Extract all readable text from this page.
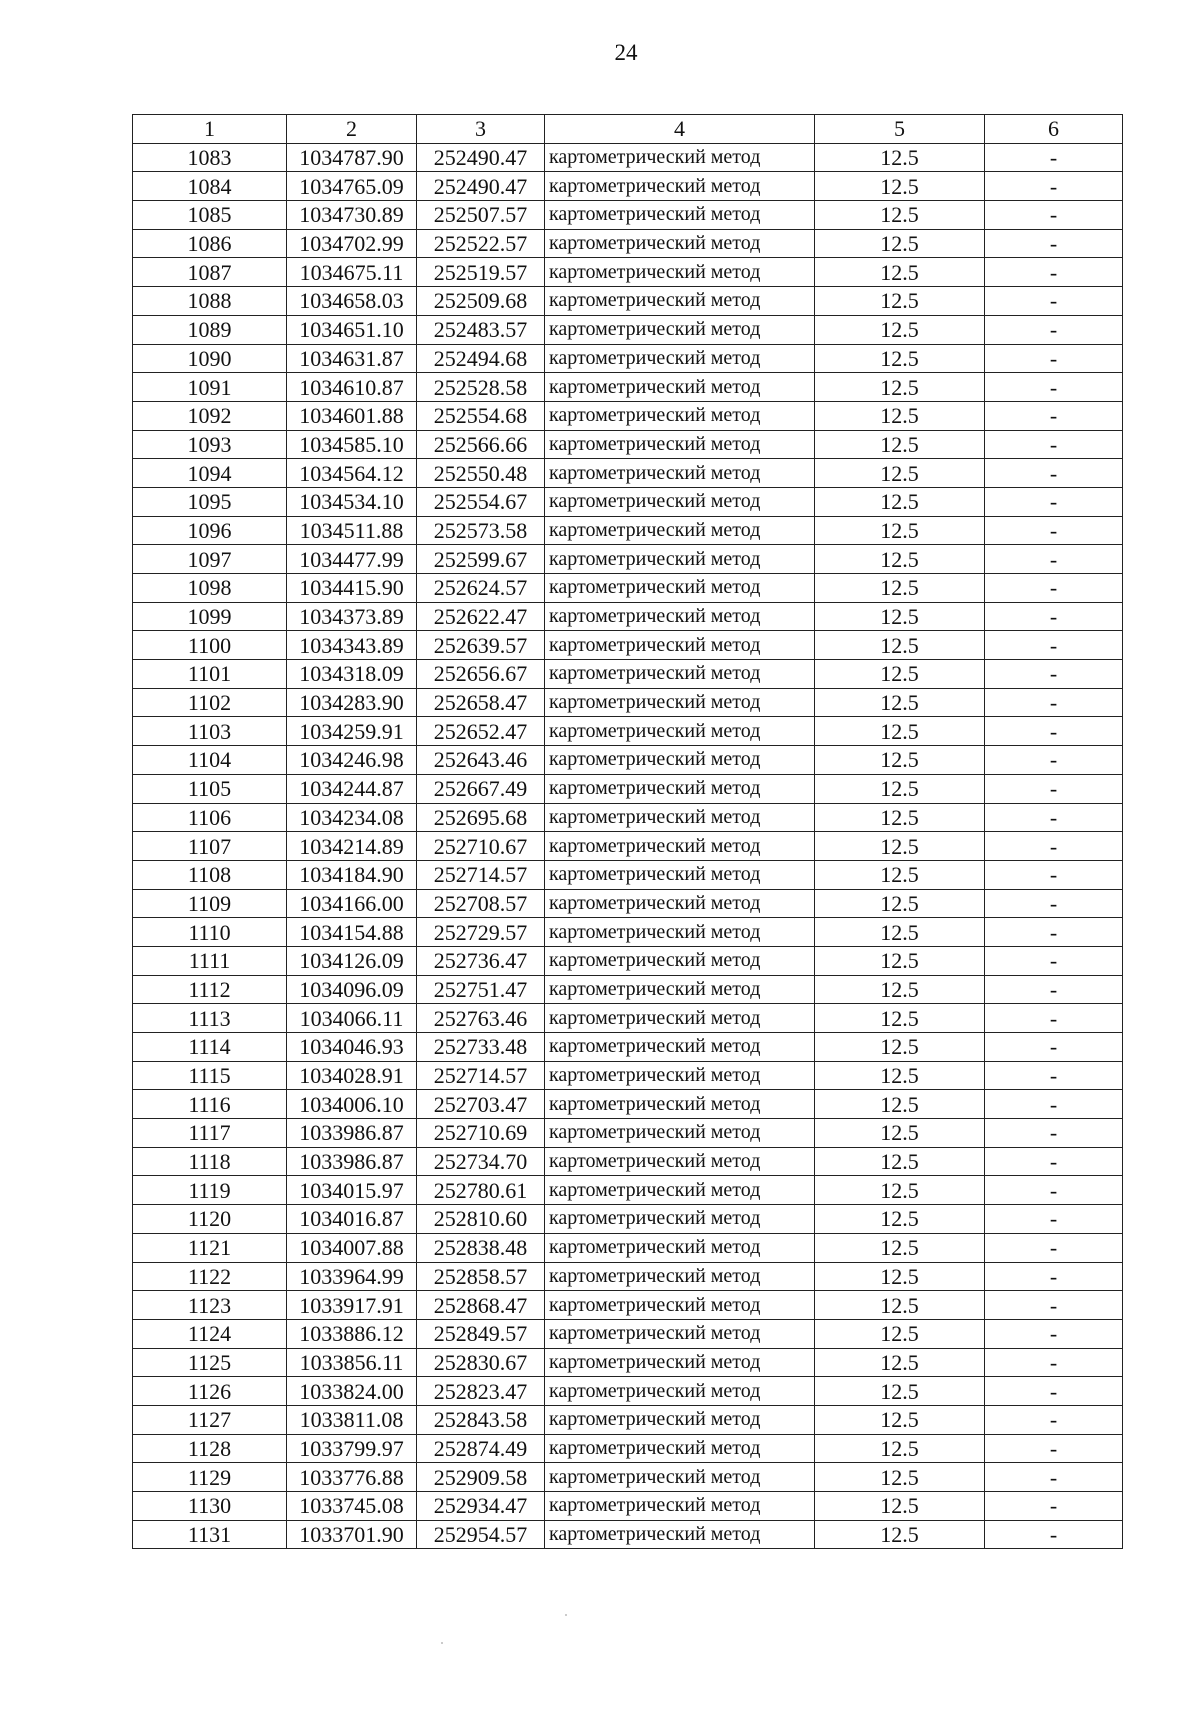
24
1	2	3	4	5	6
1083	1034787.90	252490.47	картометрический метод	12.5	-
1084	1034765.09	252490.47	картометрический метод	12.5	-
1085	1034730.89	252507.57	картометрический метод	12.5	-
1086	1034702.99	252522.57	картометрический метод	12.5	-
1087	1034675.11	252519.57	картометрический метод	12.5	-
1088	1034658.03	252509.68	картометрический метод	12.5	-
1089	1034651.10	252483.57	картометрический метод	12.5	-
1090	1034631.87	252494.68	картометрический метод	12.5	-
1091	1034610.87	252528.58	картометрический метод	12.5	-
1092	1034601.88	252554.68	картометрический метод	12.5	-
1093	1034585.10	252566.66	картометрический метод	12.5	-
1094	1034564.12	252550.48	картометрический метод	12.5	-
1095	1034534.10	252554.67	картометрический метод	12.5	-
1096	1034511.88	252573.58	картометрический метод	12.5	-
1097	1034477.99	252599.67	картометрический метод	12.5	-
1098	1034415.90	252624.57	картометрический метод	12.5	-
1099	1034373.89	252622.47	картометрический метод	12.5	-
1100	1034343.89	252639.57	картометрический метод	12.5	-
1101	1034318.09	252656.67	картометрический метод	12.5	-
1102	1034283.90	252658.47	картометрический метод	12.5	-
1103	1034259.91	252652.47	картометрический метод	12.5	-
1104	1034246.98	252643.46	картометрический метод	12.5	-
1105	1034244.87	252667.49	картометрический метод	12.5	-
1106	1034234.08	252695.68	картометрический метод	12.5	-
1107	1034214.89	252710.67	картометрический метод	12.5	-
1108	1034184.90	252714.57	картометрический метод	12.5	-
1109	1034166.00	252708.57	картометрический метод	12.5	-
1110	1034154.88	252729.57	картометрический метод	12.5	-
1111	1034126.09	252736.47	картометрический метод	12.5	-
1112	1034096.09	252751.47	картометрический метод	12.5	-
1113	1034066.11	252763.46	картометрический метод	12.5	-
1114	1034046.93	252733.48	картометрический метод	12.5	-
1115	1034028.91	252714.57	картометрический метод	12.5	-
1116	1034006.10	252703.47	картометрический метод	12.5	-
1117	1033986.87	252710.69	картометрический метод	12.5	-
1118	1033986.87	252734.70	картометрический метод	12.5	-
1119	1034015.97	252780.61	картометрический метод	12.5	-
1120	1034016.87	252810.60	картометрический метод	12.5	-
1121	1034007.88	252838.48	картометрический метод	12.5	-
1122	1033964.99	252858.57	картометрический метод	12.5	-
1123	1033917.91	252868.47	картометрический метод	12.5	-
1124	1033886.12	252849.57	картометрический метод	12.5	-
1125	1033856.11	252830.67	картометрический метод	12.5	-
1126	1033824.00	252823.47	картометрический метод	12.5	-
1127	1033811.08	252843.58	картометрический метод	12.5	-
1128	1033799.97	252874.49	картометрический метод	12.5	-
1129	1033776.88	252909.58	картометрический метод	12.5	-
1130	1033745.08	252934.47	картометрический метод	12.5	-
1131	1033701.90	252954.57	картометрический метод	12.5	-
